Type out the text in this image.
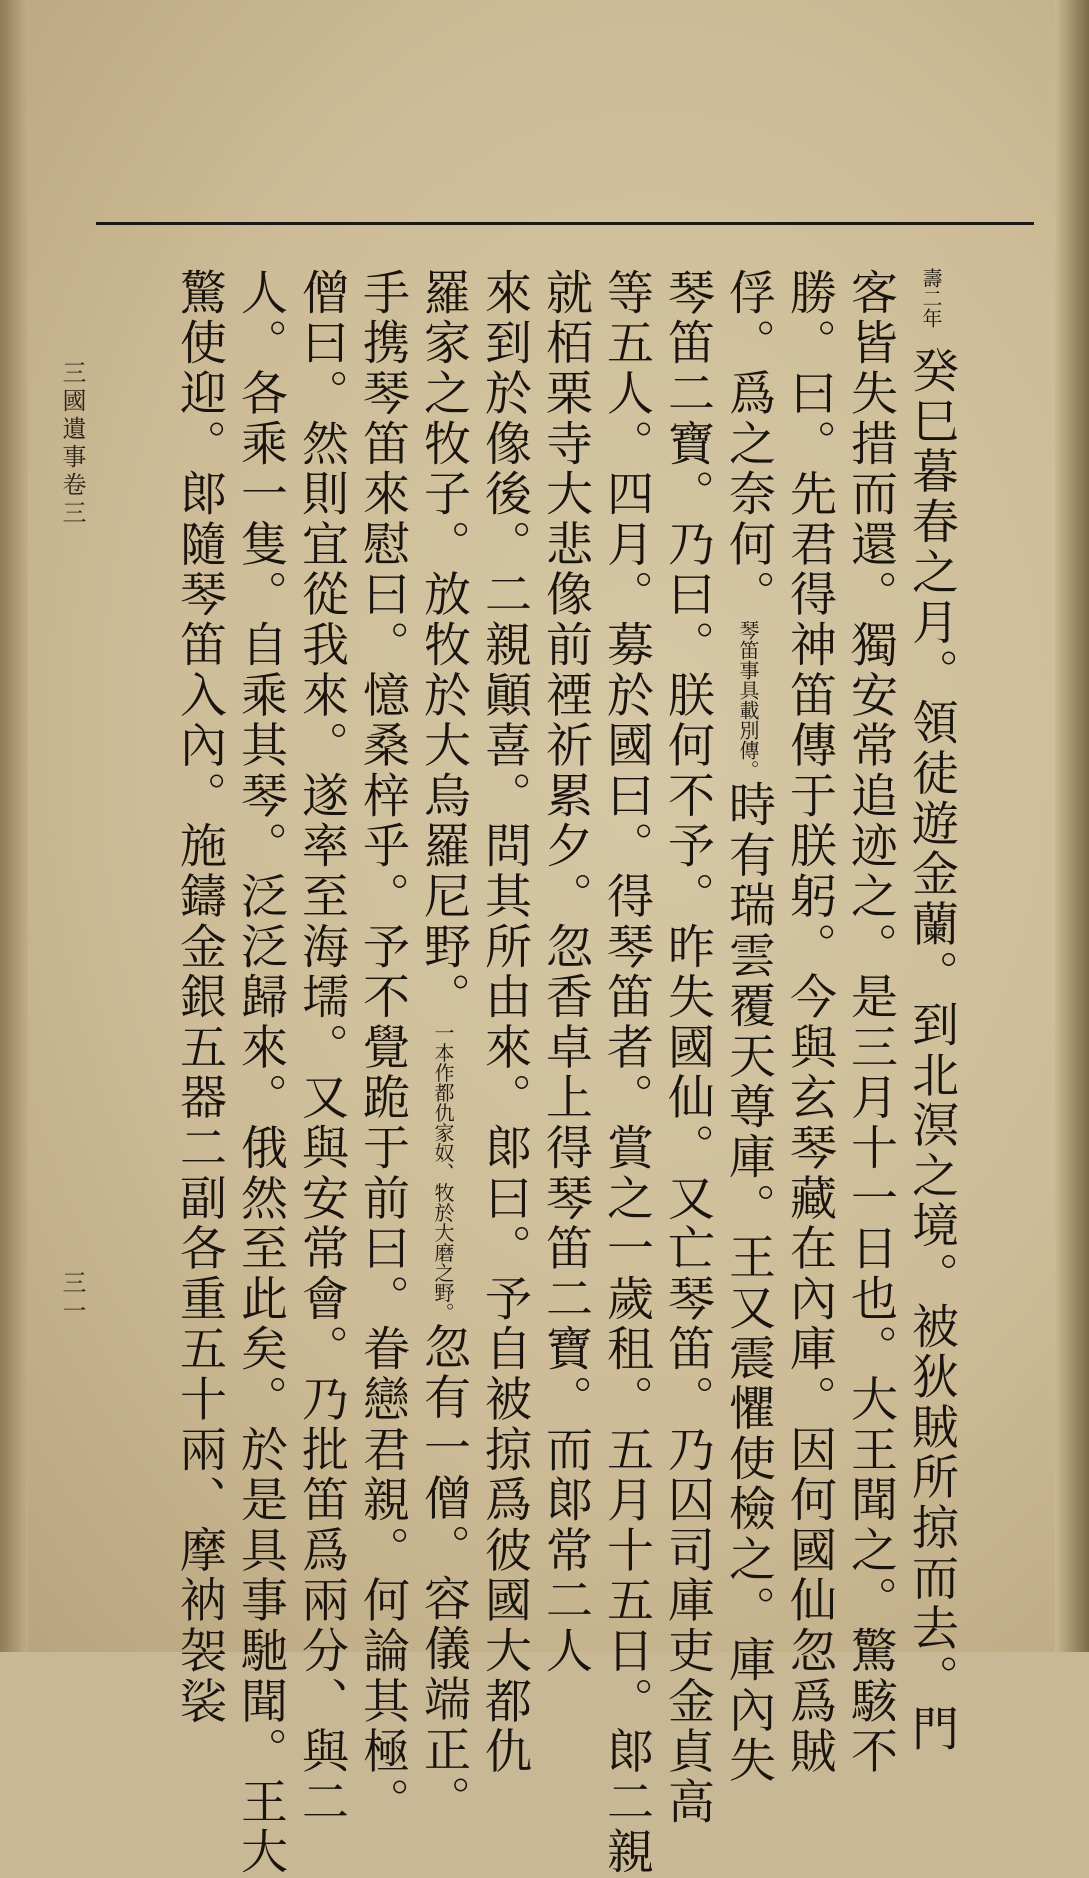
壽二年 癸巳暮春之月。領徒遊金蘭。到北溟之境。被狄賊所掠而去。門
客皆失措而還。獨安常追迹之。是三月十一日也。大王聞之。驚駭不
勝。曰。先君得神笛傳于朕躬。今與玄琴藏在內庫。因何國仙忽爲賊
俘。爲之奈何。琴笛事具載別傳。時有瑞雲覆天尊庫。王又震懼使檢之。庫內失
琴笛二寶。乃曰。朕何不予。昨失國仙。又亡琴笛。乃囚司庫吏金貞高
等五人。四月。募於國曰。得琴笛者。賞之一歲租。五月十五日。郞二親
就栢栗寺大悲像前禋祈累夕。忽香卓上得琴笛二寶。而郞常二人
來到於像後。二親顚喜。問其所由來。郞曰。予自被掠爲彼國大都仇
羅家之牧子。放牧於大烏羅尼野。一本作都仇家奴、牧於大磨之野。忽有一僧。容儀端正。
手携琴笛來慰曰。憶桑梓乎。予不覺跪于前曰。眷戀君親。何論其極。
僧曰。然則宜從我來。遂率至海壖。又與安常會。乃批笛爲兩分、與二
人。各乘一隻。自乘其琴。泛泛歸來。俄然至此矣。於是具事馳聞。王大
驚使迎。郞隨琴笛入內。施鑄金銀五器二副各重五十兩、摩衲袈裟
三國遺事卷三
三一
